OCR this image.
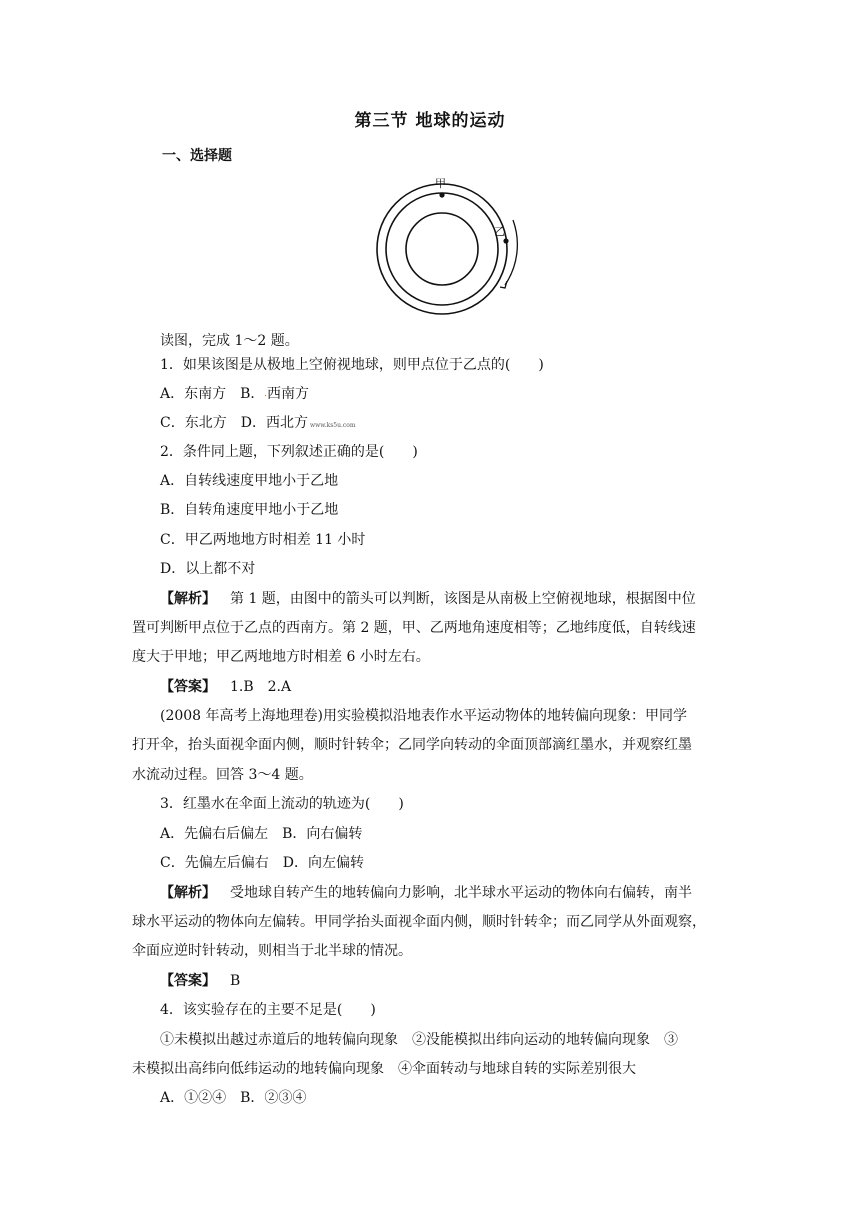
第三节 地球的运动
一、选择题
甲
乙
读图，完成 1～2 题。
1．如果该图是从极地上空俯视地球，则甲点位于乙点的(　　)
A．东南方 B．.西南方
C．东北方 D．西北方 www.ks5u.com
2．条件同上题，下列叙述正确的是(　　)
A．自转线速度甲地小于乙地
B．自转角速度甲地小于乙地
C．甲乙两地地方时相差 11 小时
D．以上都不对
【解析】 第 1 题，由图中的箭头可以判断，该图是从南极上空俯视地球，根据图中位
置可判断甲点位于乙点的西南方。第 2 题，甲、乙两地角速度相等；乙地纬度低，自转线速
度大于甲地；甲乙两地地方时相差 6 小时左右。
【答案】 1.B　2.A
(2008 年高考上海地理卷)用实验模拟沿地表作水平运动物体的地转偏向现象：甲同学
打开伞，抬头面视伞面内侧，顺时针转伞；乙同学向转动的伞面顶部滴红墨水，并观察红墨
水流动过程。回答 3～4 题。
3．红墨水在伞面上流动的轨迹为(　　)
A．先偏右后偏左 B．向右偏转
C．先偏左后偏右 D．向左偏转
【解析】 受地球自转产生的地转偏向力影响，北半球水平运动的物体向右偏转，南半
球水平运动的物体向左偏转。甲同学抬头面视伞面内侧，顺时针转伞；而乙同学从外面观察，
伞面应逆时针转动，则相当于北半球的情况。
【答案】 B
4．该实验存在的主要不足是(　　)
①未模拟出越过赤道后的地转偏向现象　②没能模拟出纬向运动的地转偏向现象　③
未模拟出高纬向低纬运动的地转偏向现象　④伞面转动与地球自转的实际差别很大
A．①②④ B．②③④
